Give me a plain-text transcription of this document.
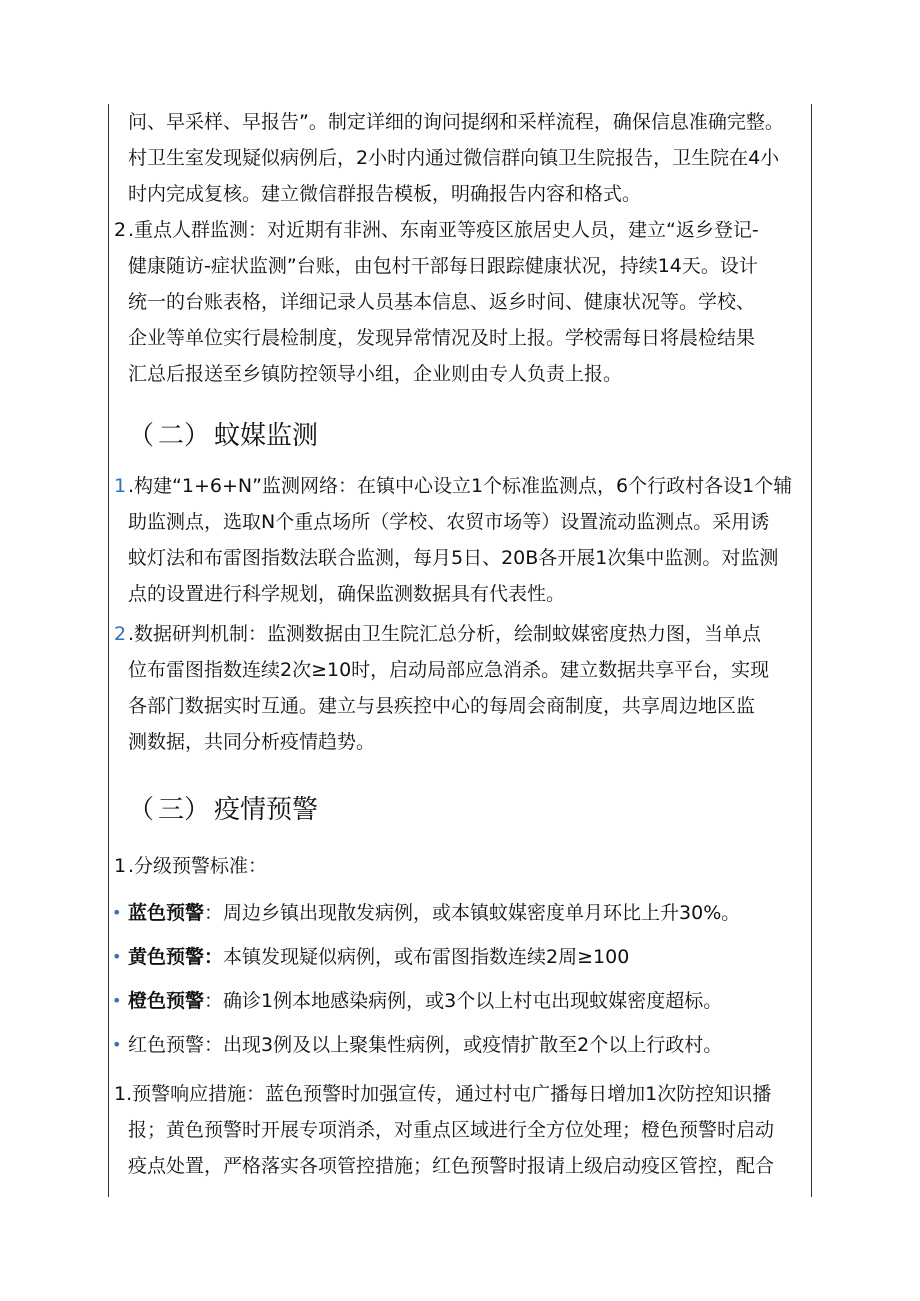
问、早采样、早报告”。制定详细的询问提纲和采样流程，确保信息准确完整。
村卫生室发现疑似病例后，2小时内通过微信群向镇卫生院报告，卫生院在4小
时内完成复核。建立微信群报告模板，明确报告内容和格式。
2 .重点人群监测：对近期有非洲、东南亚等疫区旅居史人员，建立“返乡登记-
健康随访-症状监测”台账，由包村干部每日跟踪健康状况，持续14天。设计
统一的台账表格，详细记录人员基本信息、返乡时间、健康状况等。学校、
企业等单位实行晨检制度，发现异常情况及时上报。学校需每日将晨检结果
汇总后报送至乡镇防控领导小组，企业则由专人负责上报。
（二）蚊媒监测
1 .构建“1+6+N”监测网络：在镇中心设立1个标准监测点，6个行政村各设1个辅
助监测点，选取N个重点场所（学校、农贸市场等）设置流动监测点。采用诱
蚊灯法和布雷图指数法联合监测，每月5日、20B各开展1次集中监测。对监测
点的设置进行科学规划，确保监测数据具有代表性。
2 .数据研判机制：监测数据由卫生院汇总分析，绘制蚊媒密度热力图，当单点
位布雷图指数连续2次≥10时，启动局部应急消杀。建立数据共享平台，实现
各部门数据实时互通。建立与县疾控中心的每周会商制度，共享周边地区监
测数据，共同分析疫情趋势。
（三）疫情预警
1 .分级预警标准：
• 蓝色预警：周边乡镇出现散发病例，或本镇蚊媒密度单月环比上升30%。
• 黄色预警：本镇发现疑似病例，或布雷图指数连续2周≥100
• 橙色预警：确诊1例本地感染病例，或3个以上村屯出现蚊媒密度超标。
• 红色预警：出现3例及以上聚集性病例，或疫情扩散至2个以上行政村。
1.预警响应措施：蓝色预警时加强宣传，通过村屯广播每日增加1次防控知识播
报；黄色预警时开展专项消杀，对重点区域进行全方位处理；橙色预警时启动
疫点处置，严格落实各项管控措施；红色预警时报请上级启动疫区管控，配合
